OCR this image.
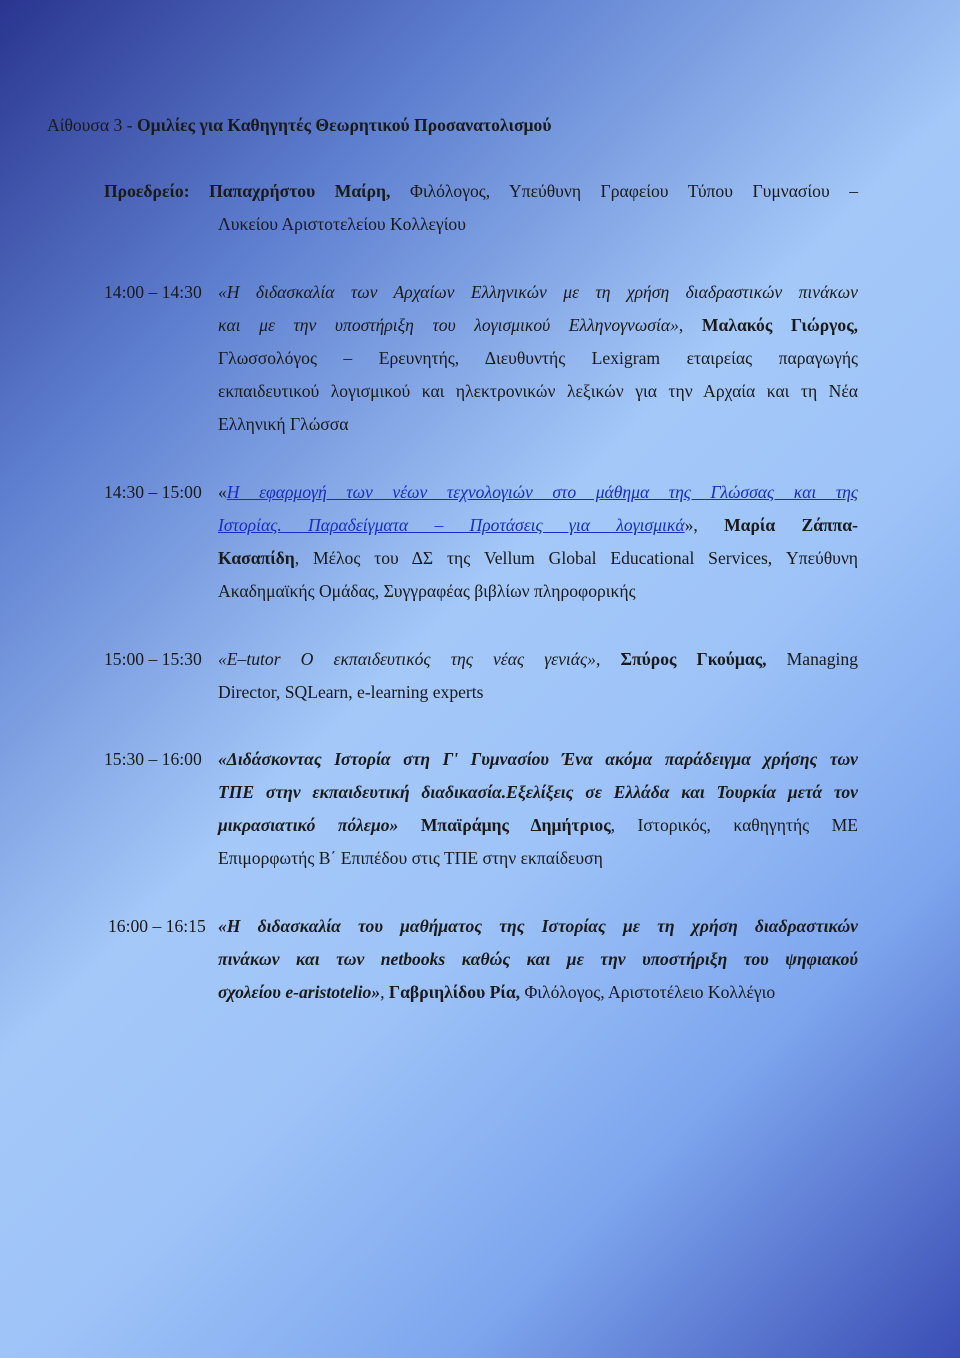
Αίθουσα 3 - Ομιλίες για Καθηγητές Θεωρητικού Προσανατολισμού
Προεδρείο: Παπαχρήστου Μαίρη, Φιλόλογος, Υπεύθυνη Γραφείου Τύπου Γυμνασίου –
Λυκείου Αριστοτελείου Κολλεγίου
14:00 – 14:30 «Η διδασκαλία των Αρχαίων Ελληνικών με τη χρήση διαδραστικών πινάκων
και με την υποστήριξη του λογισμικού Ελληνογνωσία», Μαλακός Γιώργος,
Γλωσσολόγος – Ερευνητής, Διευθυντής Lexigram εταιρείας παραγωγής
εκπαιδευτικού λογισμικού και ηλεκτρονικών λεξικών για την Αρχαία και τη Νέα
Ελληνική Γλώσσα
14:30 – 15:00 «Η εφαρμογή των νέων τεχνολογιών στο μάθημα της Γλώσσας και της
Ιστορίας. Παραδείγματα – Προτάσεις για λογισμικά», Μαρία Ζάππα-
Κασαπίδη, Μέλος του ΔΣ της Vellum Global Educational Services, Υπεύθυνη
Ακαδημαϊκής Ομάδας, Συγγραφέας βιβλίων πληροφορικής
15:00 – 15:30 «E–tutor Ο εκπαιδευτικός της νέας γενιάς», Σπύρος Γκούμας, Managing
Director, SQLearn, e-learning experts
15:30 – 16:00 «Διδάσκοντας Ιστορία στη Γ' Γυμνασίου Ένα ακόμα παράδειγμα χρήσης των
ΤΠΕ στην εκπαιδευτική διαδικασία.Εξελίξεις σε Ελλάδα και Τουρκία μετά τον
μικρασιατικό πόλεμο» Μπαϊράμης Δημήτριος, Ιστορικός, καθηγητής ΜΕ
Επιμορφωτής Β΄ Επιπέδου στις ΤΠΕ στην εκπαίδευση
16:00 – 16:15 «Η διδασκαλία του μαθήματος της Ιστορίας με τη χρήση διαδραστικών
πινάκων και των netbooks καθώς και με την υποστήριξη του ψηφιακού
σχολείου e-aristotelio», Γαβριηλίδου Ρία, Φιλόλογος, Αριστοτέλειο Κολλέγιο
